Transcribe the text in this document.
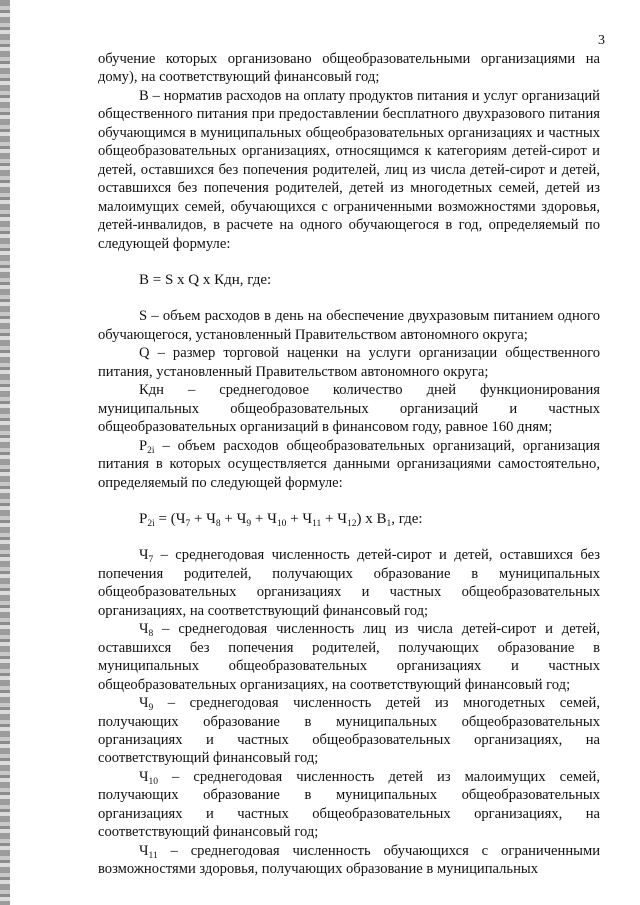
3

обучение которых организовано общеобразовательными организациями на дому), на соответствующий финансовый год;

В – норматив расходов на оплату продуктов питания и услуг организаций общественного питания при предоставлении бесплатного двухразового питания обучающимся в муниципальных общеобразовательных организациях и частных общеобразовательных организациях, относящимся к категориям детей-сирот и детей, оставшихся без попечения родителей, лиц из числа детей-сирот и детей, оставшихся без попечения родителей, детей из многодетных семей, детей из малоимущих семей, обучающихся с ограниченными возможностями здоровья, детей-инвалидов, в расчете на одного обучающегося в год, определяемый по следующей формуле:

В = S x Q x Кдн, где:

S – объем расходов в день на обеспечение двухразовым питанием одного обучающегося, установленный Правительством автономного округа;

Q – размер торговой наценки на услуги организации общественного питания, установленный Правительством автономного округа;

Кдн – среднегодовое количество дней функционирования муниципальных общеобразовательных организаций и частных общеобразовательных организаций в финансовом году, равное 160 дням;

$Р_{2i}$ – объем расходов общеобразовательных организаций, организация питания в которых осуществляется данными организациями самостоятельно, определяемый по следующей формуле:

$Р_{2i} = (Ч_7 + Ч_8 + Ч_9 + Ч_{10} + Ч_{11} + Ч_{12})$ x $В_1$, где:

$Ч_7$ – среднегодовая численность детей-сирот и детей, оставшихся без попечения родителей, получающих образование в муниципальных общеобразовательных организациях и частных общеобразовательных организациях, на соответствующий финансовый год;

$Ч_8$ – среднегодовая численность лиц из числа детей-сирот и детей, оставшихся без попечения родителей, получающих образование в муниципальных общеобразовательных организациях и частных общеобразовательных организациях, на соответствующий финансовый год;

$Ч_9$ – среднегодовая численность детей из многодетных семей, получающих образование в муниципальных общеобразовательных организациях и частных общеобразовательных организациях, на соответствующий финансовый год;

$Ч_{10}$ – среднегодовая численность детей из малоимущих семей, получающих образование в муниципальных общеобразовательных организациях и частных общеобразовательных организациях, на соответствующий финансовый год;

$Ч_{11}$ – среднегодовая численность обучающихся с ограниченными возможностями здоровья, получающих образование в муниципальных
